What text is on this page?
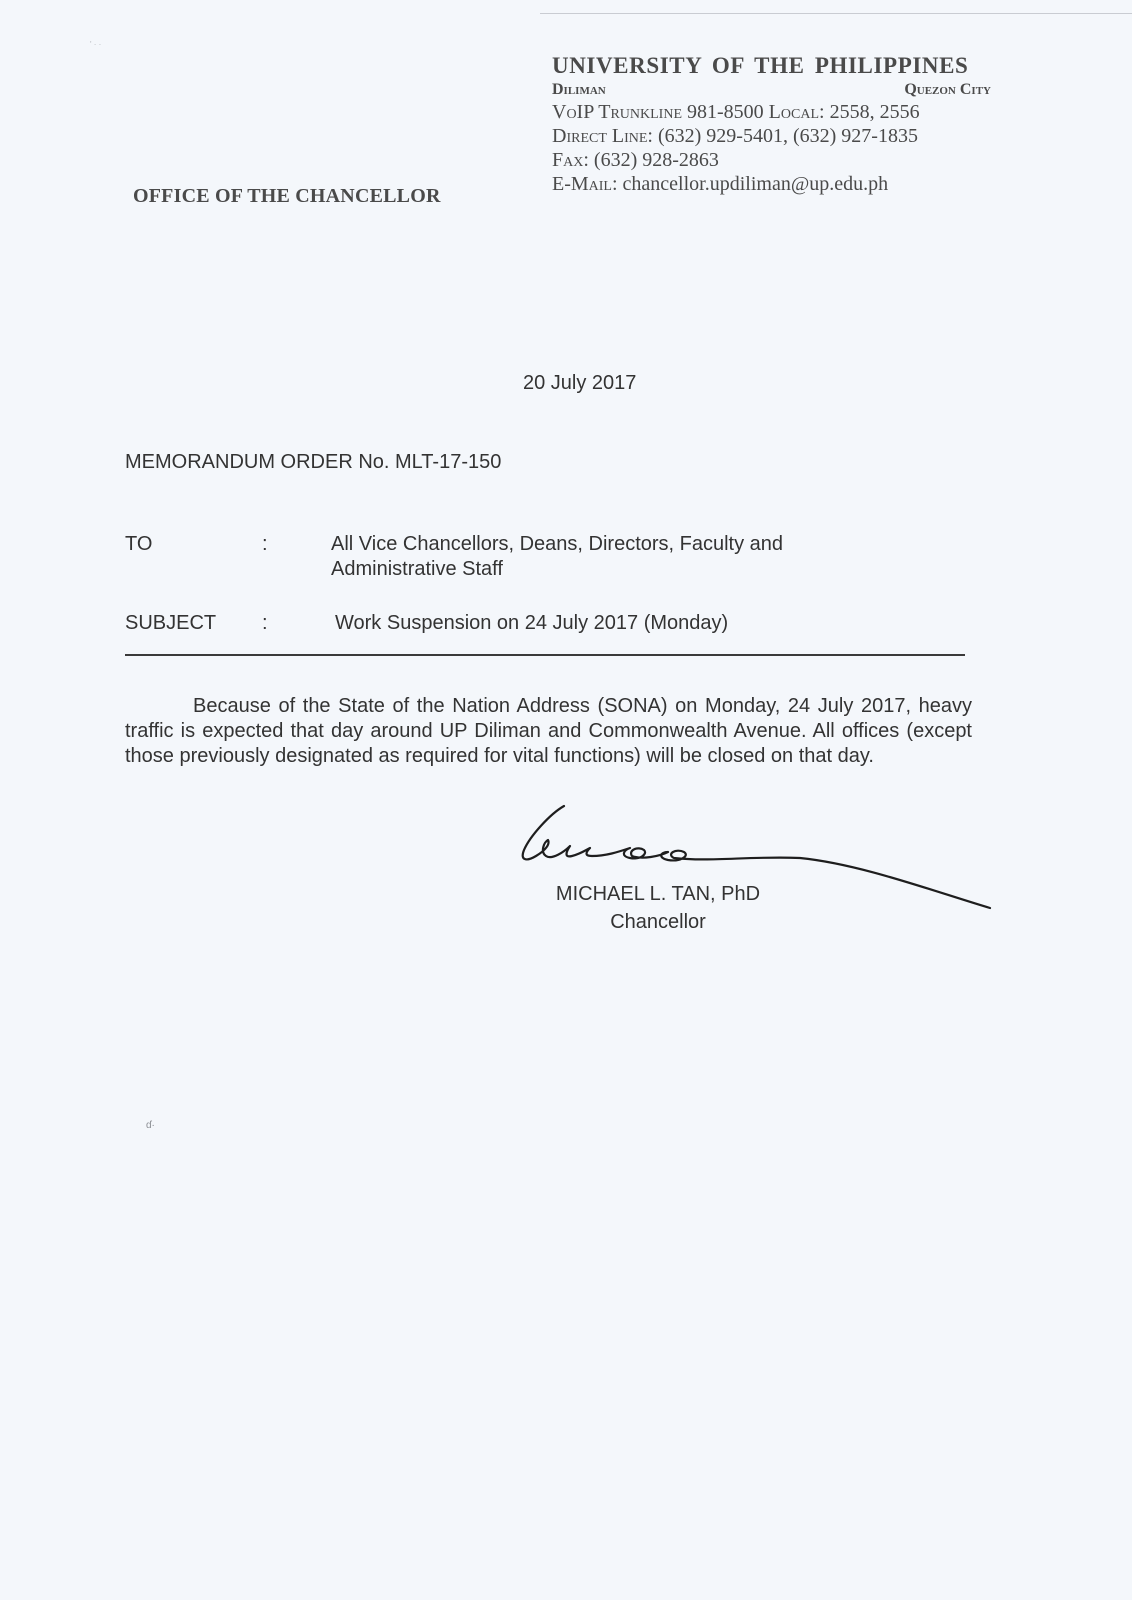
' · ·
ɗ·
UNIVERSITY OF THE PHILIPPINES
Diliman	Quezon City
VoIP Trunkline 981-8500 Local: 2558, 2556
Direct Line: (632) 929-5401, (632) 927-1835
Fax: (632) 928-2863
E-Mail: chancellor.updiliman@up.edu.ph
OFFICE OF THE CHANCELLOR
20 July 2017
MEMORANDUM ORDER No. MLT-17-150
TO	:	All Vice Chancellors, Deans, Directors, Faculty and
Administrative Staff
SUBJECT	:	Work Suspension on 24 July 2017 (Monday)

Because of the State of the Nation Address (SONA) on Monday, 24 July 2017, heavy traffic is expected that day around UP Diliman and Commonwealth Avenue. All offices (except those previously designated as required for vital functions) will be closed on that day.

MICHAEL L. TAN, PhD
Chancellor
